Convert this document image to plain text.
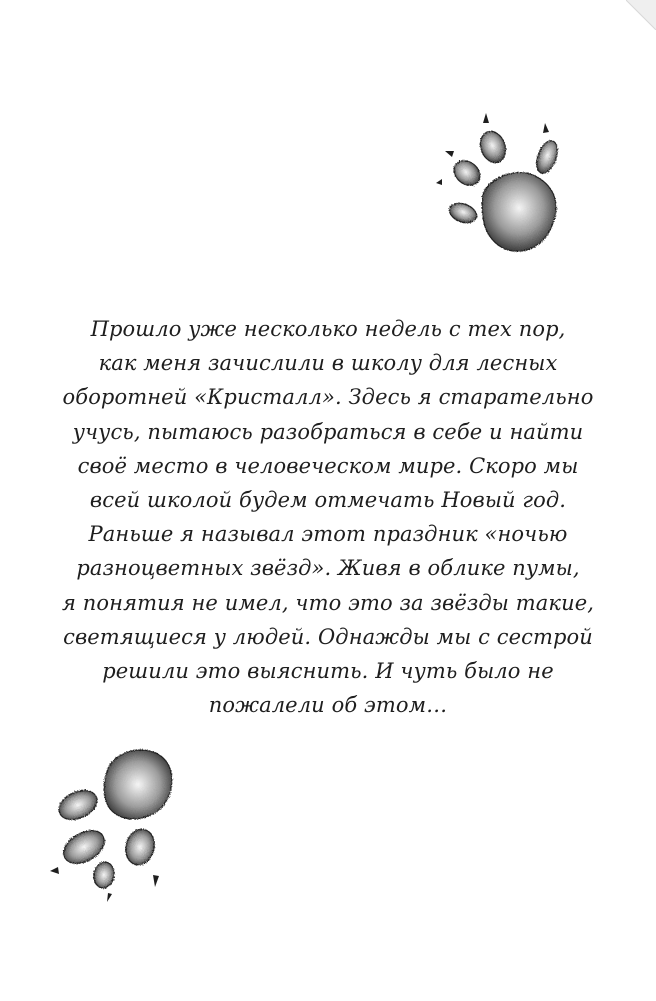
Прошло уже несколько недель с тех пор,
как меня зачислили в школу для лесных
оборотней «Кристалл». Здесь я старательно
учусь, пытаюсь разобраться в себе и найти
своё место в человеческом мире. Скоро мы
всей школой будем отмечать Новый год.
Раньше я называл этот праздник «ночью
разноцветных звёзд». Живя в облике пумы,
я понятия не имел, что это за звёзды такие,
светящиеся у людей. Однажды мы с сестрой
решили это выяснить. И чуть было не
пожалели об этом…
